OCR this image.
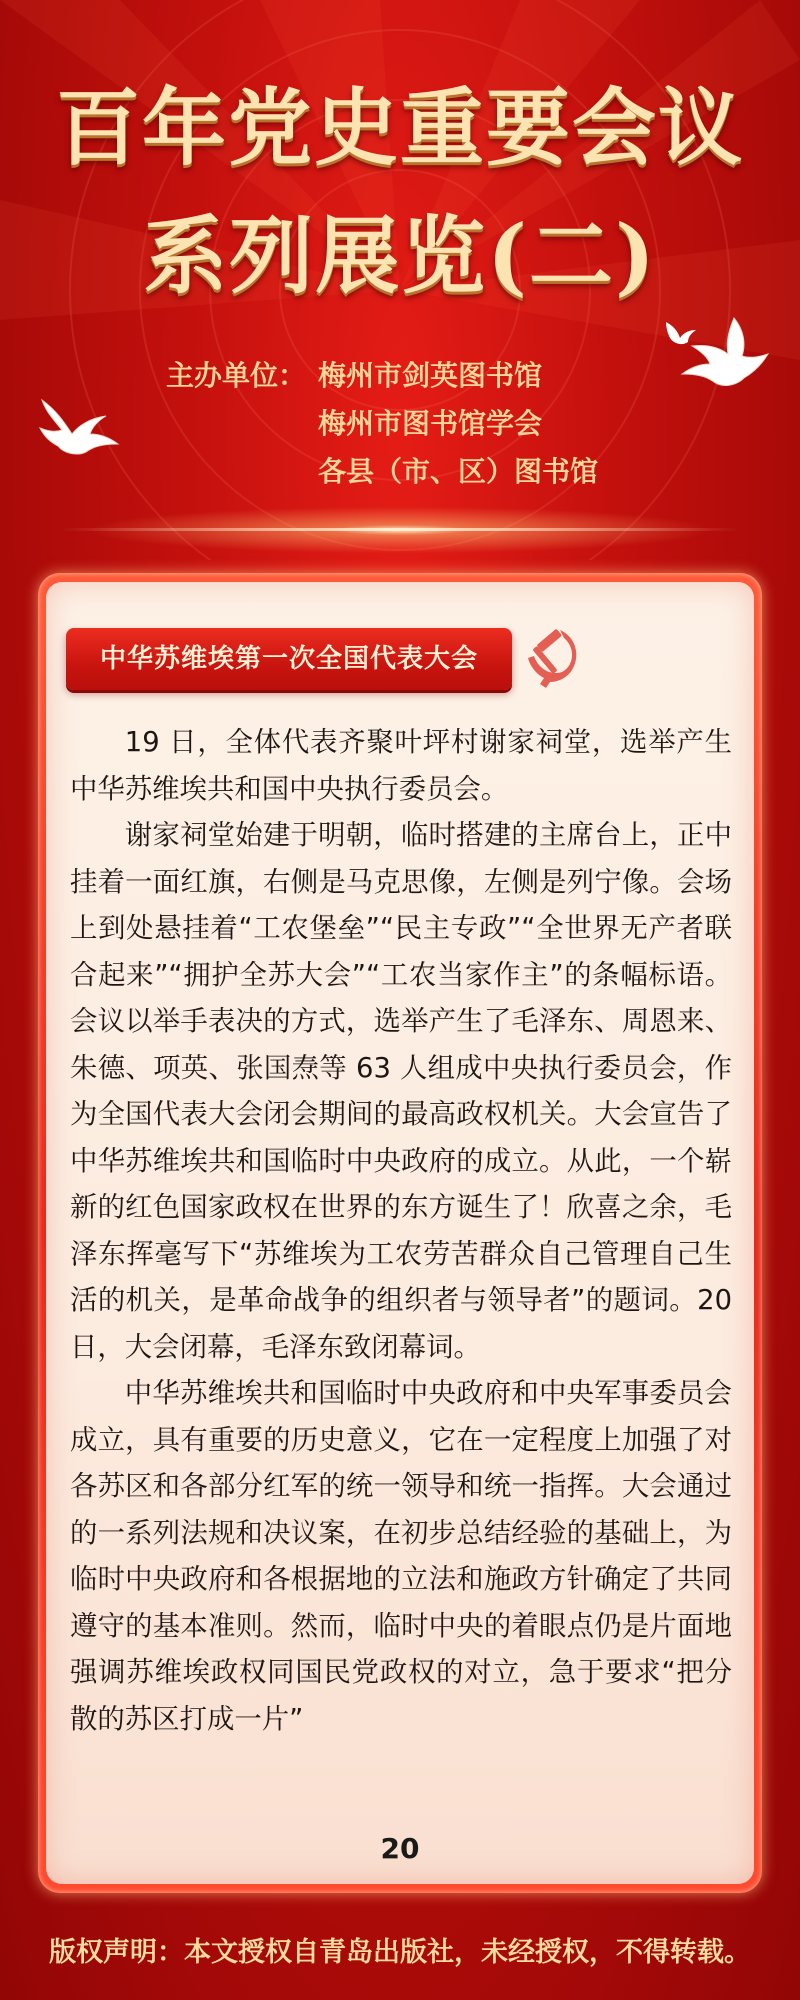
百年党史重要会议
系列展览(二)
主办单位： 梅州市剑英图书馆
梅州市图书馆学会
各县（市、区）图书馆
中华苏维埃第一次全国代表大会

19 日，全体代表齐聚叶坪村谢家祠堂，选举产生中华苏维埃共和国中央执行委员会。

谢家祠堂始建于明朝，临时搭建的主席台上，正中挂着一面红旗，右侧是马克思像，左侧是列宁像。会场上到处悬挂着“工农堡垒”“民主专政”“全世界无产者联合起来”“拥护全苏大会”“工农当家作主”的条幅标语。会议以举手表决的方式，选举产生了毛泽东、周恩来、朱德、项英、张国焘等 63 人组成中央执行委员会，作为全国代表大会闭会期间的最高政权机关。大会宣告了中华苏维埃共和国临时中央政府的成立。从此，一个崭新的红色国家政权在世界的东方诞生了！欣喜之余，毛泽东挥毫写下“苏维埃为工农劳苦群众自己管理自己生活的机关，是革命战争的组织者与领导者”的题词。20 日，大会闭幕，毛泽东致闭幕词。

中华苏维埃共和国临时中央政府和中央军事委员会成立，具有重要的历史意义，它在一定程度上加强了对各苏区和各部分红军的统一领导和统一指挥。大会通过的一系列法规和决议案，在初步总结经验的基础上，为临时中央政府和各根据地的立法和施政方针确定了共同遵守的基本准则。然而，临时中央的着眼点仍是片面地强调苏维埃政权同国民党政权的对立，急于要求“把分散的苏区打成一片”

20
版权声明：本文授权自青岛出版社，未经授权，不得转载。
